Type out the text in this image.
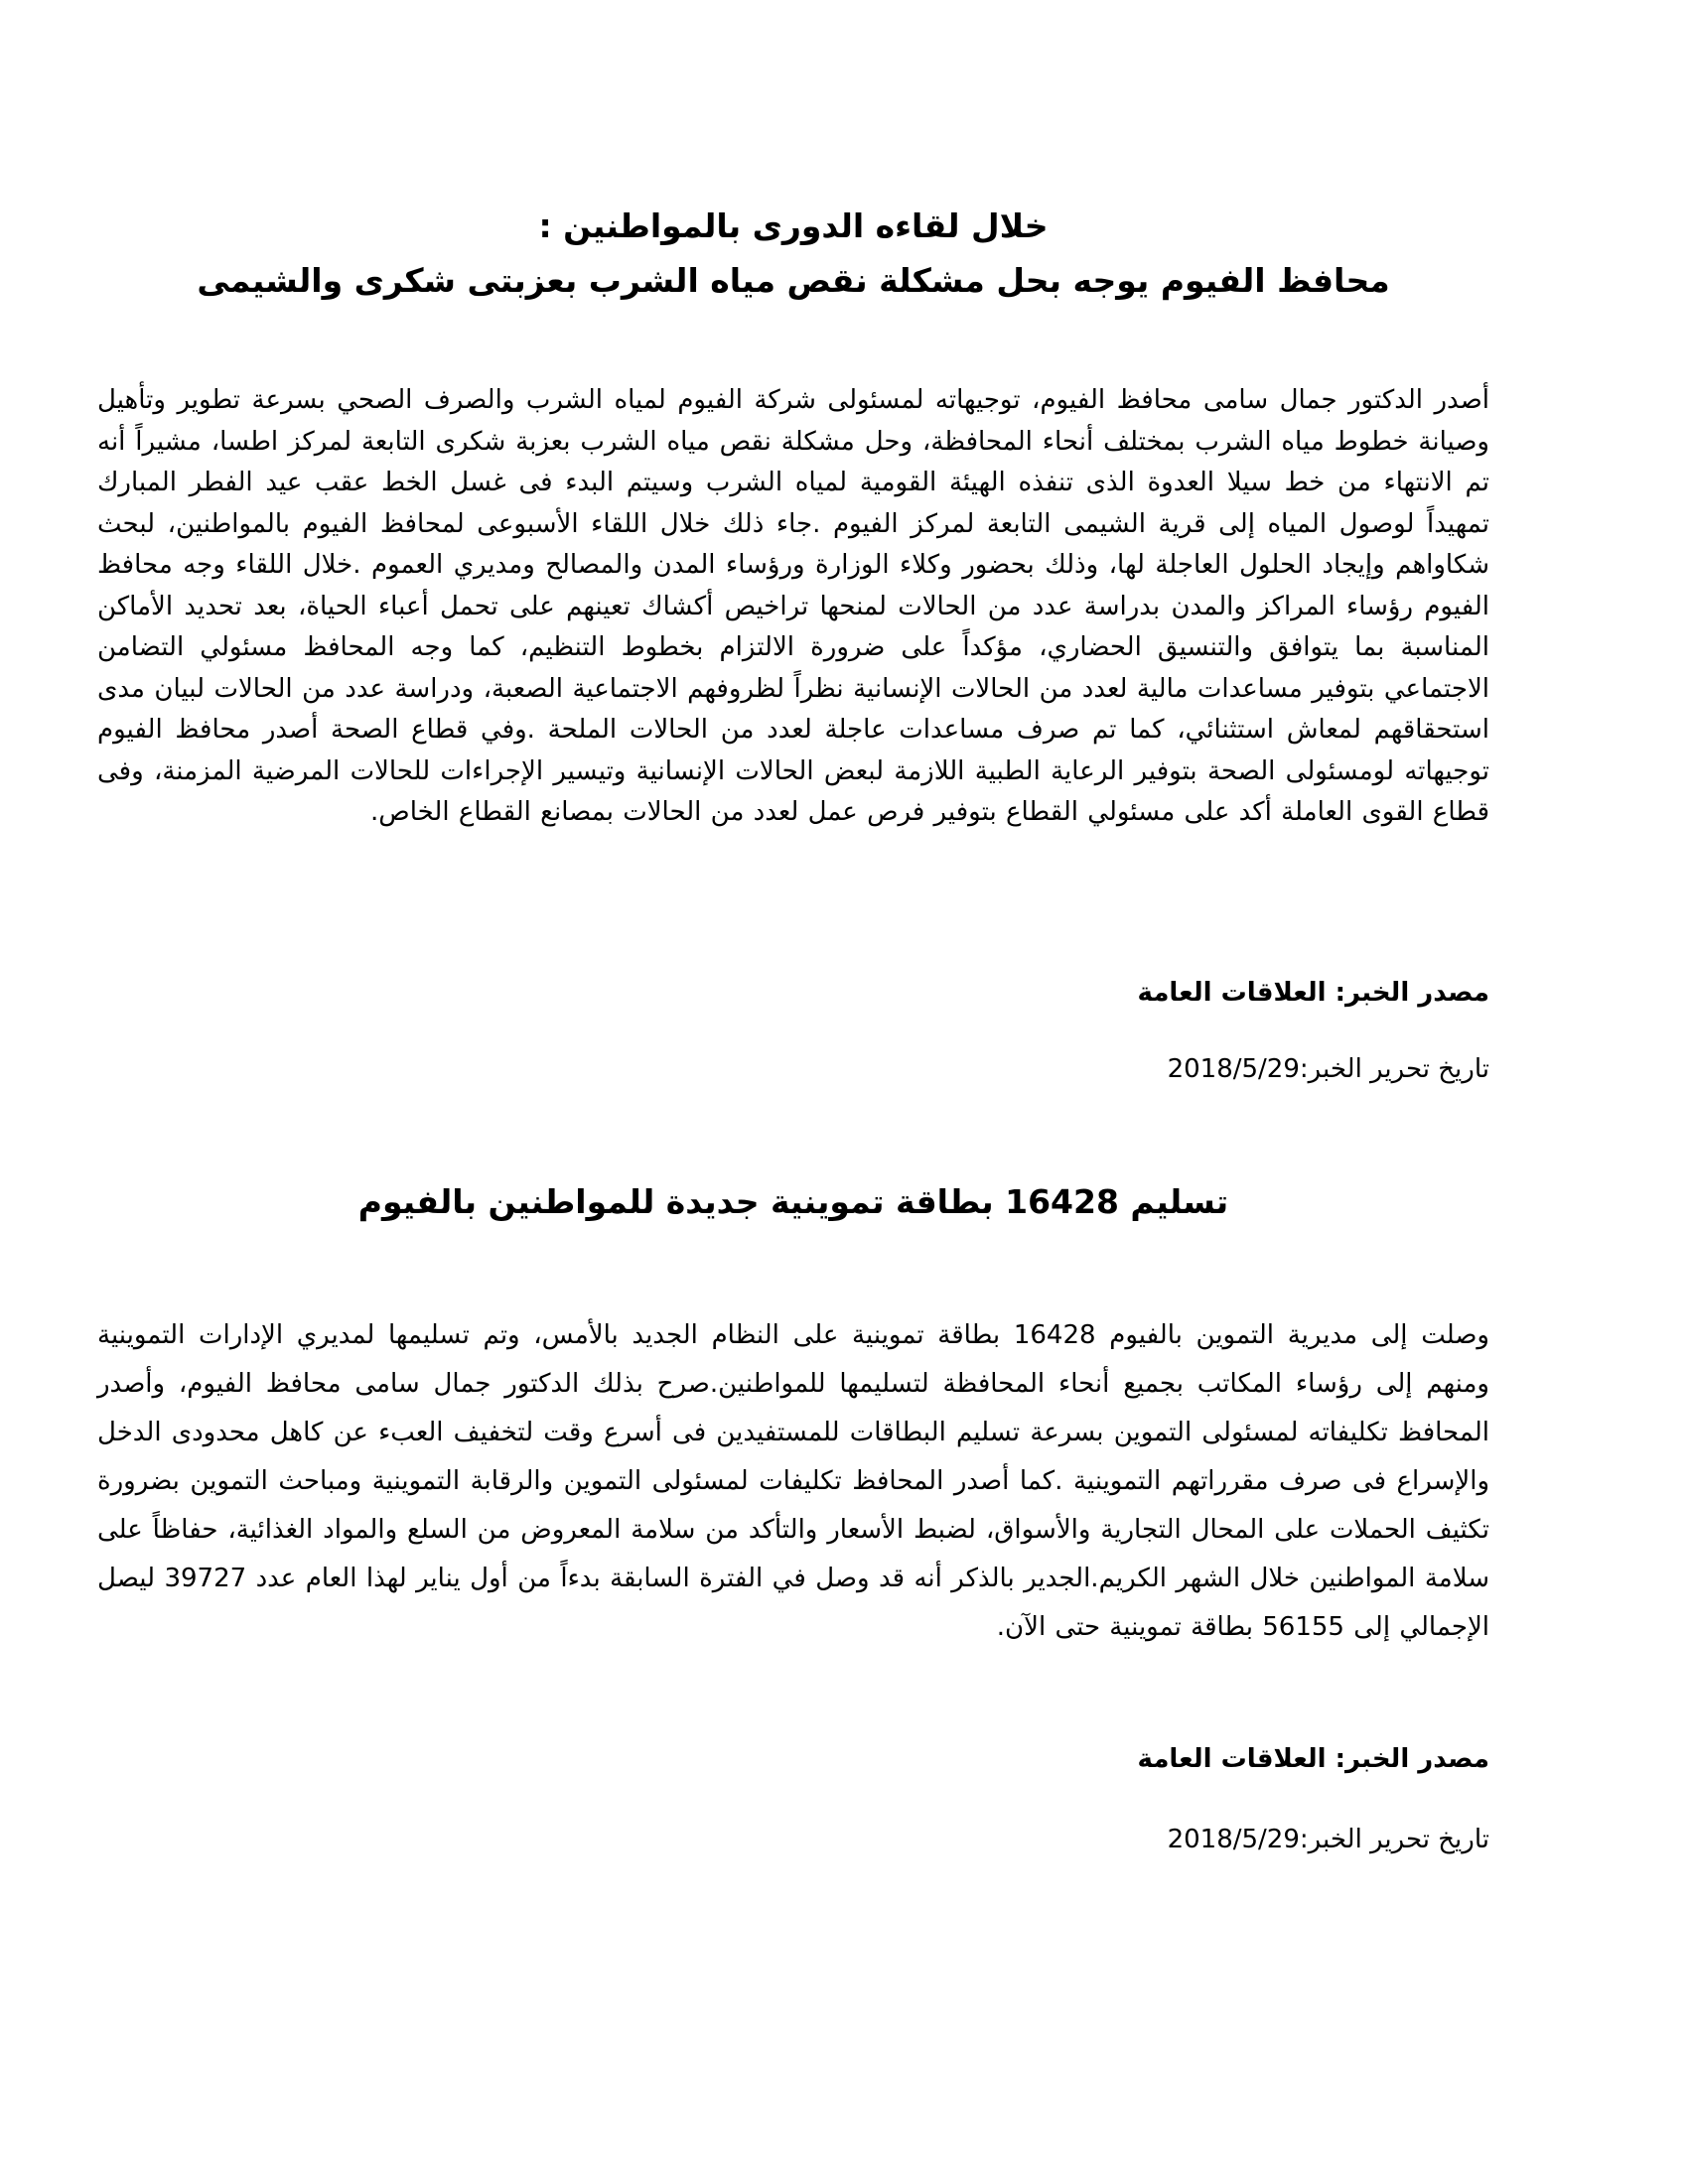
خلال لقاءه الدورى بالمواطنين :
محافظ الفيوم يوجه بحل مشكلة نقص مياه الشرب بعزبتى شكرى والشيمى

أصدر الدكتور جمال سامى محافظ الفيوم، توجيهاته لمسئولى شركة الفيوم لمياه الشرب والصرف الصحي بسرعة تطوير وتأهيل وصيانة خطوط مياه الشرب بمختلف أنحاء المحافظة، وحل مشكلة نقص مياه الشرب بعزبة شكرى التابعة لمركز اطسا، مشيراً أنه تم الانتهاء من خط سيلا العدوة الذى تنفذه الهيئة القومية لمياه الشرب وسيتم البدء فى غسل الخط عقب عيد الفطر المبارك تمهيداً لوصول المياه إلى قرية الشيمى التابعة لمركز الفيوم .جاء ذلك خلال اللقاء الأسبوعى لمحافظ الفيوم بالمواطنين، لبحث شكاواهم وإيجاد الحلول العاجلة لها، وذلك بحضور وكلاء الوزارة ورؤساء المدن والمصالح ومديري العموم .خلال اللقاء وجه محافظ الفيوم رؤساء المراكز والمدن بدراسة عدد من الحالات لمنحها تراخيص أكشاك تعينهم على تحمل أعباء الحياة، بعد تحديد الأماكن المناسبة بما يتوافق والتنسيق الحضاري، مؤكداً على ضرورة الالتزام بخطوط التنظيم، كما وجه المحافظ مسئولي التضامن الاجتماعي بتوفير مساعدات مالية لعدد من الحالات الإنسانية نظراً لظروفهم الاجتماعية الصعبة، ودراسة عدد من الحالات لبيان مدى استحقاقهم لمعاش استثنائي، كما تم صرف مساعدات عاجلة لعدد من الحالات الملحة .وفي قطاع الصحة أصدر محافظ الفيوم توجيهاته لومسئولى الصحة بتوفير الرعاية الطبية اللازمة لبعض الحالات الإنسانية وتيسير الإجراءات للحالات المرضية المزمنة، وفى قطاع القوى العاملة أكد على مسئولي القطاع بتوفير فرص عمل لعدد من الحالات بمصانع القطاع الخاص.

مصدر الخبر: العلاقات العامة

تاريخ تحرير الخبر:2018/5/29

تسليم 16428 بطاقة تموينية جديدة للمواطنين بالفيوم

وصلت إلى مديرية التموين بالفيوم 16428 بطاقة تموينية على النظام الجديد بالأمس، وتم تسليمها لمديري الإدارات التموينية ومنهم إلى رؤساء المكاتب بجميع أنحاء المحافظة لتسليمها للمواطنين.صرح بذلك الدكتور جمال سامى محافظ الفيوم، وأصدر المحافظ تكليفاته لمسئولى التموين بسرعة تسليم البطاقات للمستفيدين فى أسرع وقت لتخفيف العبء عن كاهل محدودى الدخل والإسراع فى صرف مقرراتهم التموينية .كما أصدر المحافظ تكليفات لمسئولى التموين والرقابة التموينية ومباحث التموين بضرورة تكثيف الحملات على المحال التجارية والأسواق، لضبط الأسعار والتأكد من سلامة المعروض من السلع والمواد الغذائية، حفاظاً على سلامة المواطنين خلال الشهر الكريم.الجدير بالذكر أنه قد وصل في الفترة السابقة بدءاً من أول يناير لهذا العام عدد 39727 ليصل الإجمالي إلى 56155 بطاقة تموينية حتى الآن.

مصدر الخبر: العلاقات العامة

تاريخ تحرير الخبر:2018/5/29
